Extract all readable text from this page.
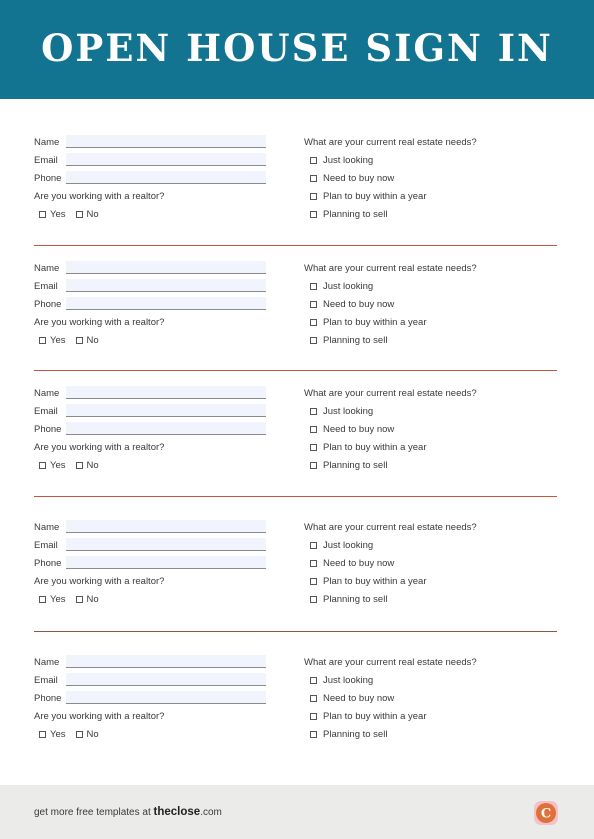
OPEN HOUSE SIGN IN
Name
Email
Phone
Are you working with a realtor?
Yes No
What are your current real estate needs?
Just looking
Need to buy now
Plan to buy within a year
Planning to sell
Name
Email
Phone
Are you working with a realtor?
Yes No
What are your current real estate needs?
Just looking
Need to buy now
Plan to buy within a year
Planning to sell
Name
Email
Phone
Are you working with a realtor?
Yes No
What are your current real estate needs?
Just looking
Need to buy now
Plan to buy within a year
Planning to sell
Name
Email
Phone
Are you working with a realtor?
Yes No
What are your current real estate needs?
Just looking
Need to buy now
Plan to buy within a year
Planning to sell
Name
Email
Phone
Are you working with a realtor?
Yes No
What are your current real estate needs?
Just looking
Need to buy now
Plan to buy within a year
Planning to sell
get more free templates at theclose.com	C
